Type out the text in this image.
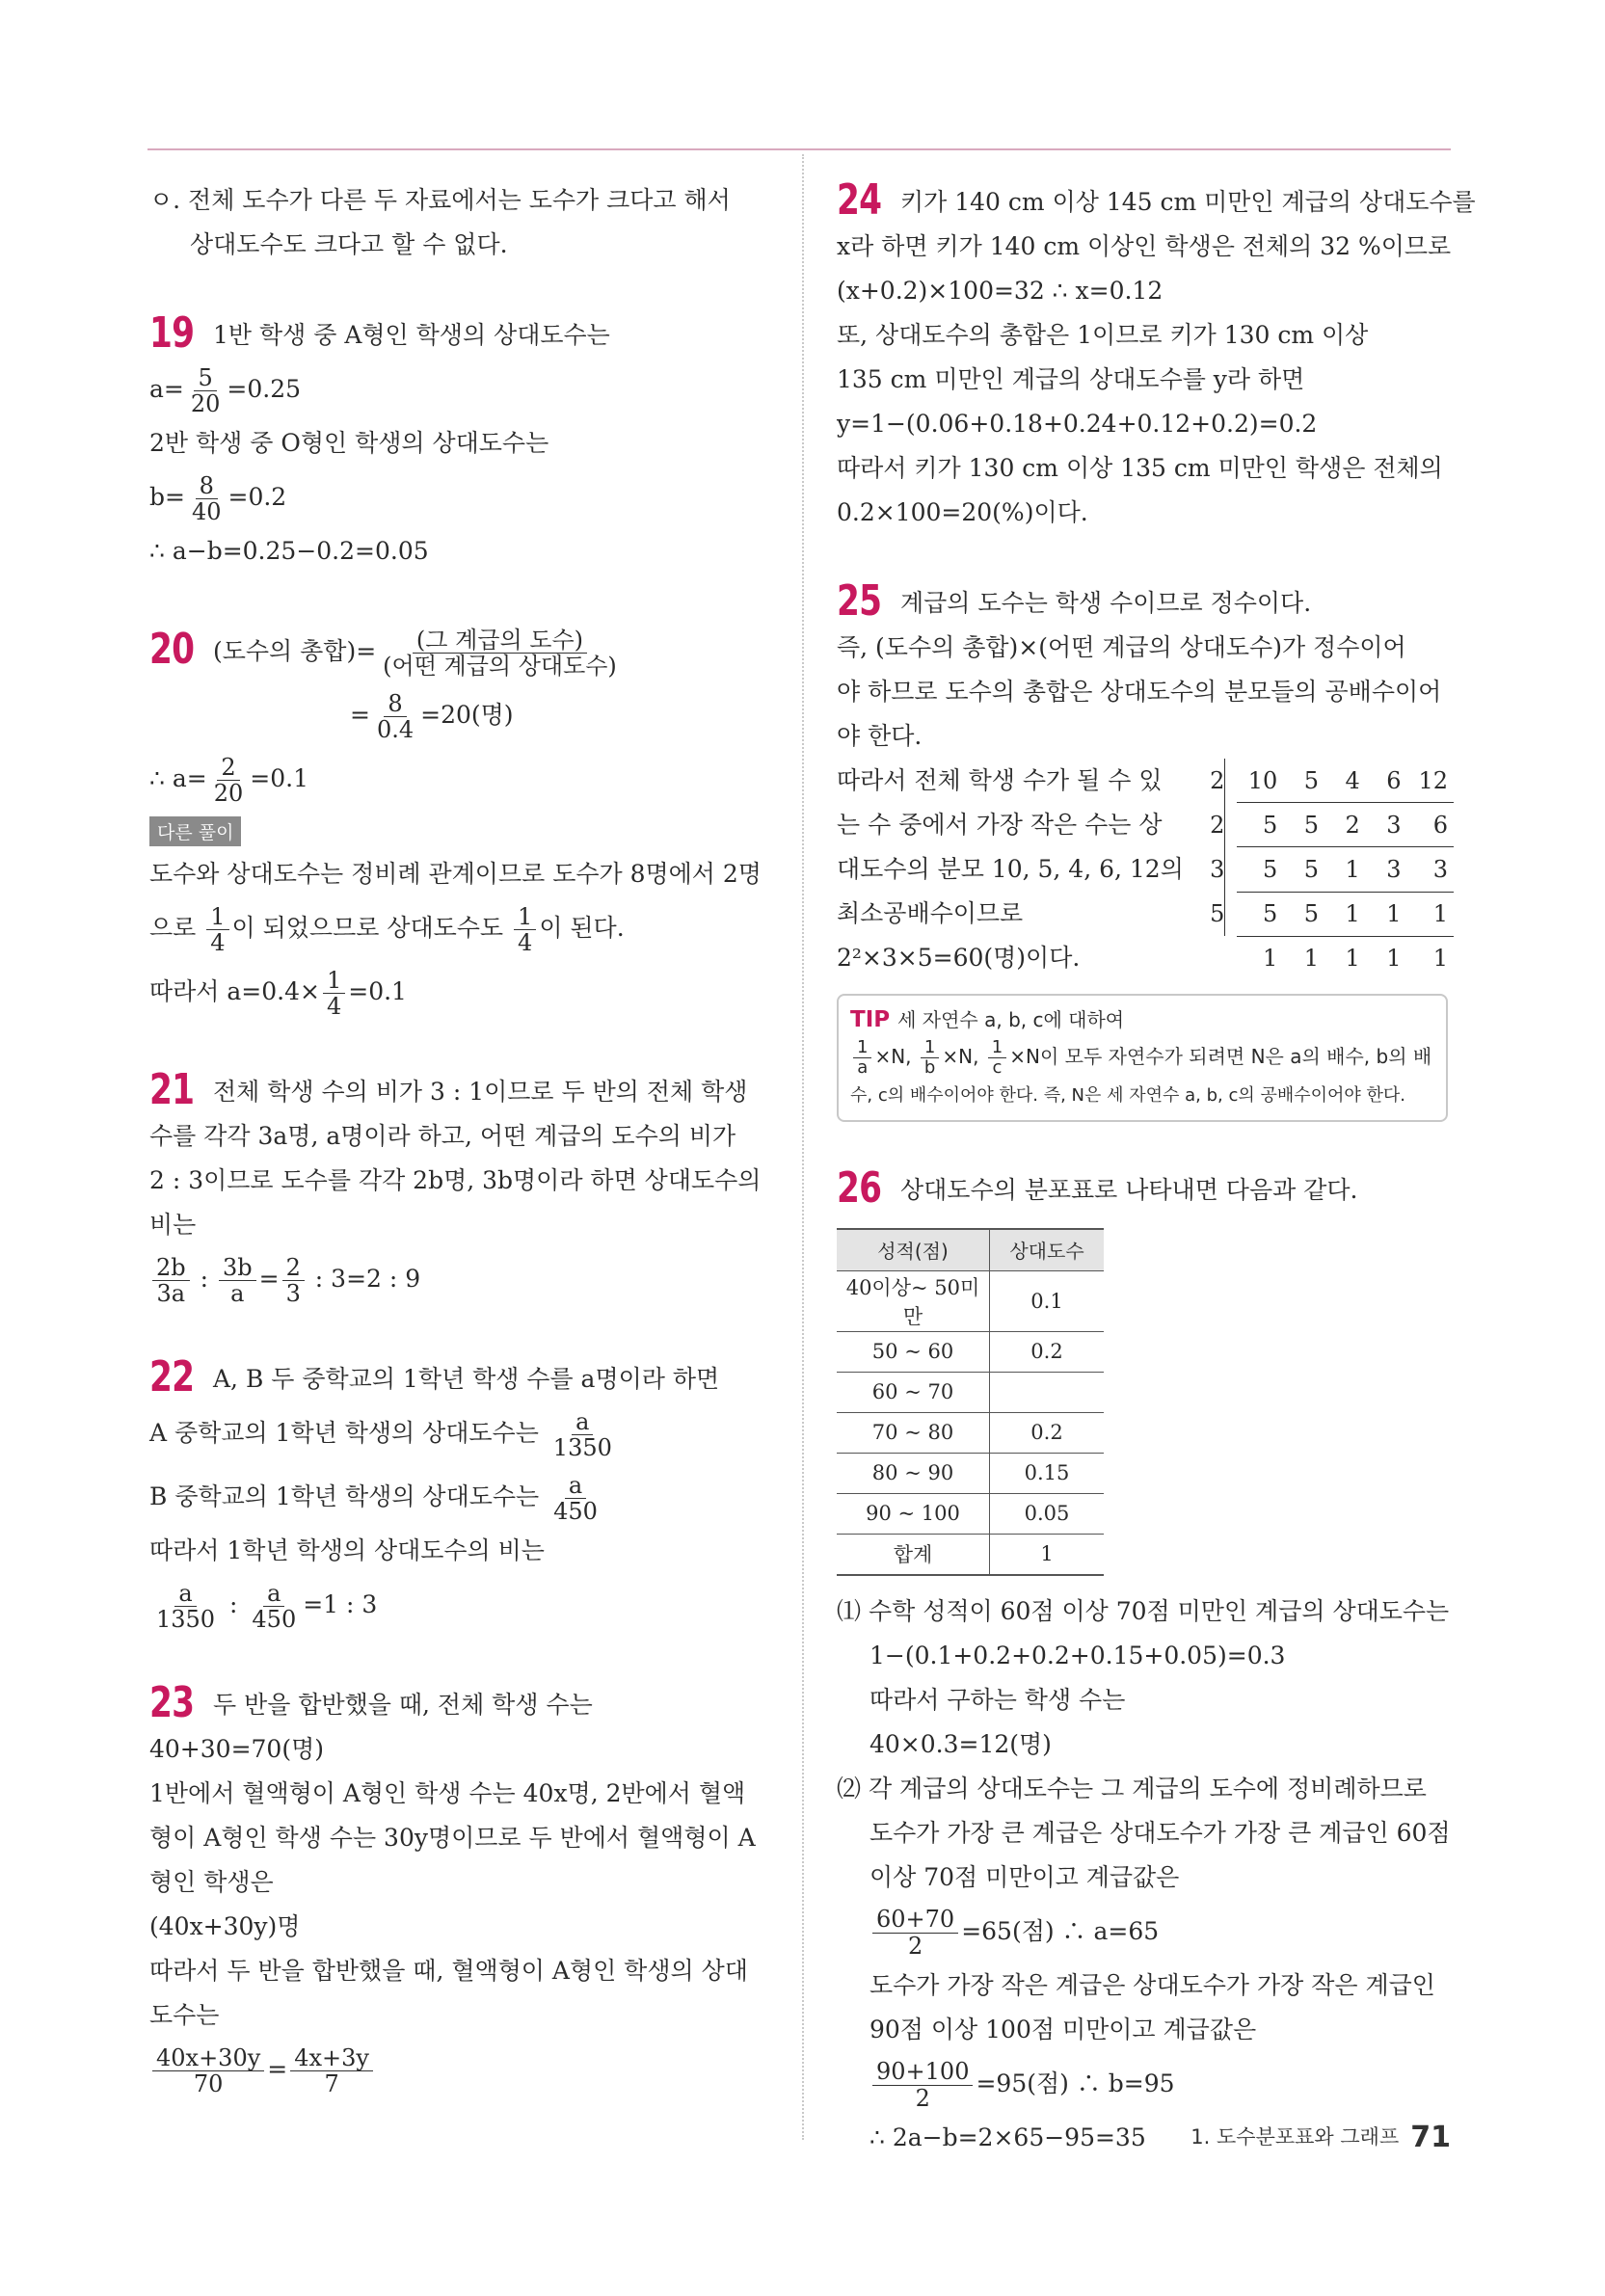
ㅇ. 전체 도수가 다른 두 자료에서는 도수가 크다고 해서
상대도수도 크다고 할 수 없다.
19 1반 학생 중 A형인 학생의 상대도수는
$a= \frac{5}{20} =0.25$
2반 학생 중 O형인 학생의 상대도수는
$b= \frac{8}{40} =0.2$
∴ a−b=0.25−0.2=0.05
20 (도수의 총합)= $\frac{\text{(그 계급의 도수)}}{\text{(어떤 계급의 상대도수)}}$
= $\frac{8}{0.4} =20$(명)
∴ $a= \frac{2}{20} =0.1$
다른 풀이
도수와 상대도수는 정비례 관계이므로 도수가 8명에서 2명
으로 $\frac{1}{4}$ 이 되었으므로 상대도수도 $\frac{1}{4}$ 이 된다.
따라서 $a=0.4\times \frac{1}{4} =0.1$
21 전체 학생 수의 비가 3 : 1이므로 두 반의 전체 학생
수를 각각 3a명, a명이라 하고, 어떤 계급의 도수의 비가
2 : 3이므로 도수를 각각 2b명, 3b명이라 하면 상대도수의
비는
$\frac{2b}{3a}$ : $\frac{3b}{a} = \frac{2}{3}$ : 3=2 : 9
22 A, B 두 중학교의 1학년 학생 수를 a명이라 하면
A 중학교의 1학년 학생의 상대도수는 $\frac{a}{1350}$
B 중학교의 1학년 학생의 상대도수는 $\frac{a}{450}$
따라서 1학년 학생의 상대도수의 비는
$\frac{a}{1350}$ : $\frac{a}{450} =1$ : 3
23 두 반을 합반했을 때, 전체 학생 수는
40+30=70(명)
1반에서 혈액형이 A형인 학생 수는 40x명, 2반에서 혈액
형이 A형인 학생 수는 30y명이므로 두 반에서 혈액형이 A
형인 학생은
(40x+30y)명
따라서 두 반을 합반했을 때, 혈액형이 A형인 학생의 상대
도수는
$\frac{40x+30y}{70} = \frac{4x+3y}{7}$
24 키가 140 cm 이상 145 cm 미만인 계급의 상대도수를
x라 하면 키가 140 cm 이상인 학생은 전체의 32 %이므로
(x+0.2)×100=32 ∴ x=0.12
또, 상대도수의 총합은 1이므로 키가 130 cm 이상
135 cm 미만인 계급의 상대도수를 y라 하면
y=1−(0.06+0.18+0.24+0.12+0.2)=0.2
따라서 키가 130 cm 이상 135 cm 미만인 학생은 전체의
0.2×100=20(%)이다.
25 계급의 도수는 학생 수이므로 정수이다.
즉, (도수의 총합)×(어떤 계급의 상대도수)가 정수이어
야 하므로 도수의 총합은 상대도수의 분모들의 공배수이어
야 한다.
따라서 전체 학생 수가 될 수 있
는 수 중에서 가장 작은 수는 상
대도수의 분모 10, 5, 4, 6, 12의
최소공배수이므로
2²×3×5=60(명)이다.
2		10	5	4	6	12
2		5	5	2	3	6
3		5	5	1	3	3
5		5	5	1	1	1
		1	1	1	1	1
TIP 세 자연수 a, b, c에 대하여
$\frac{1}{a} \times N$, $\frac{1}{b} \times N$, $\frac{1}{c} \times N$이 모두 자연수가 되려면 N은 a의 배수, b의 배
수, c의 배수이어야 한다. 즉, N은 세 자연수 a, b, c의 공배수이어야 한다.
26 상대도수의 분포표로 나타내면 다음과 같다.
성적(점)	상대도수
40이상~ 50미만	0.1
50 ~ 60	0.2
60 ~ 70	
70 ~ 80	0.2
80 ~ 90	0.15
90 ~ 100	0.05
합계	1
⑴ 수학 성적이 60점 이상 70점 미만인 계급의 상대도수는
1−(0.1+0.2+0.2+0.15+0.05)=0.3
따라서 구하는 학생 수는
40×0.3=12(명)
⑵ 각 계급의 상대도수는 그 계급의 도수에 정비례하므로
도수가 가장 큰 계급은 상대도수가 가장 큰 계급인 60점
이상 70점 미만이고 계급값은
$\frac{60+70}{2} =65$(점) ∴ a=65
도수가 가장 작은 계급은 상대도수가 가장 작은 계급인
90점 이상 100점 미만이고 계급값은
$\frac{90+100}{2} =95$(점) ∴ b=95
∴ 2a−b=2×65−95=35	1. 도수분포표와 그래프 71
